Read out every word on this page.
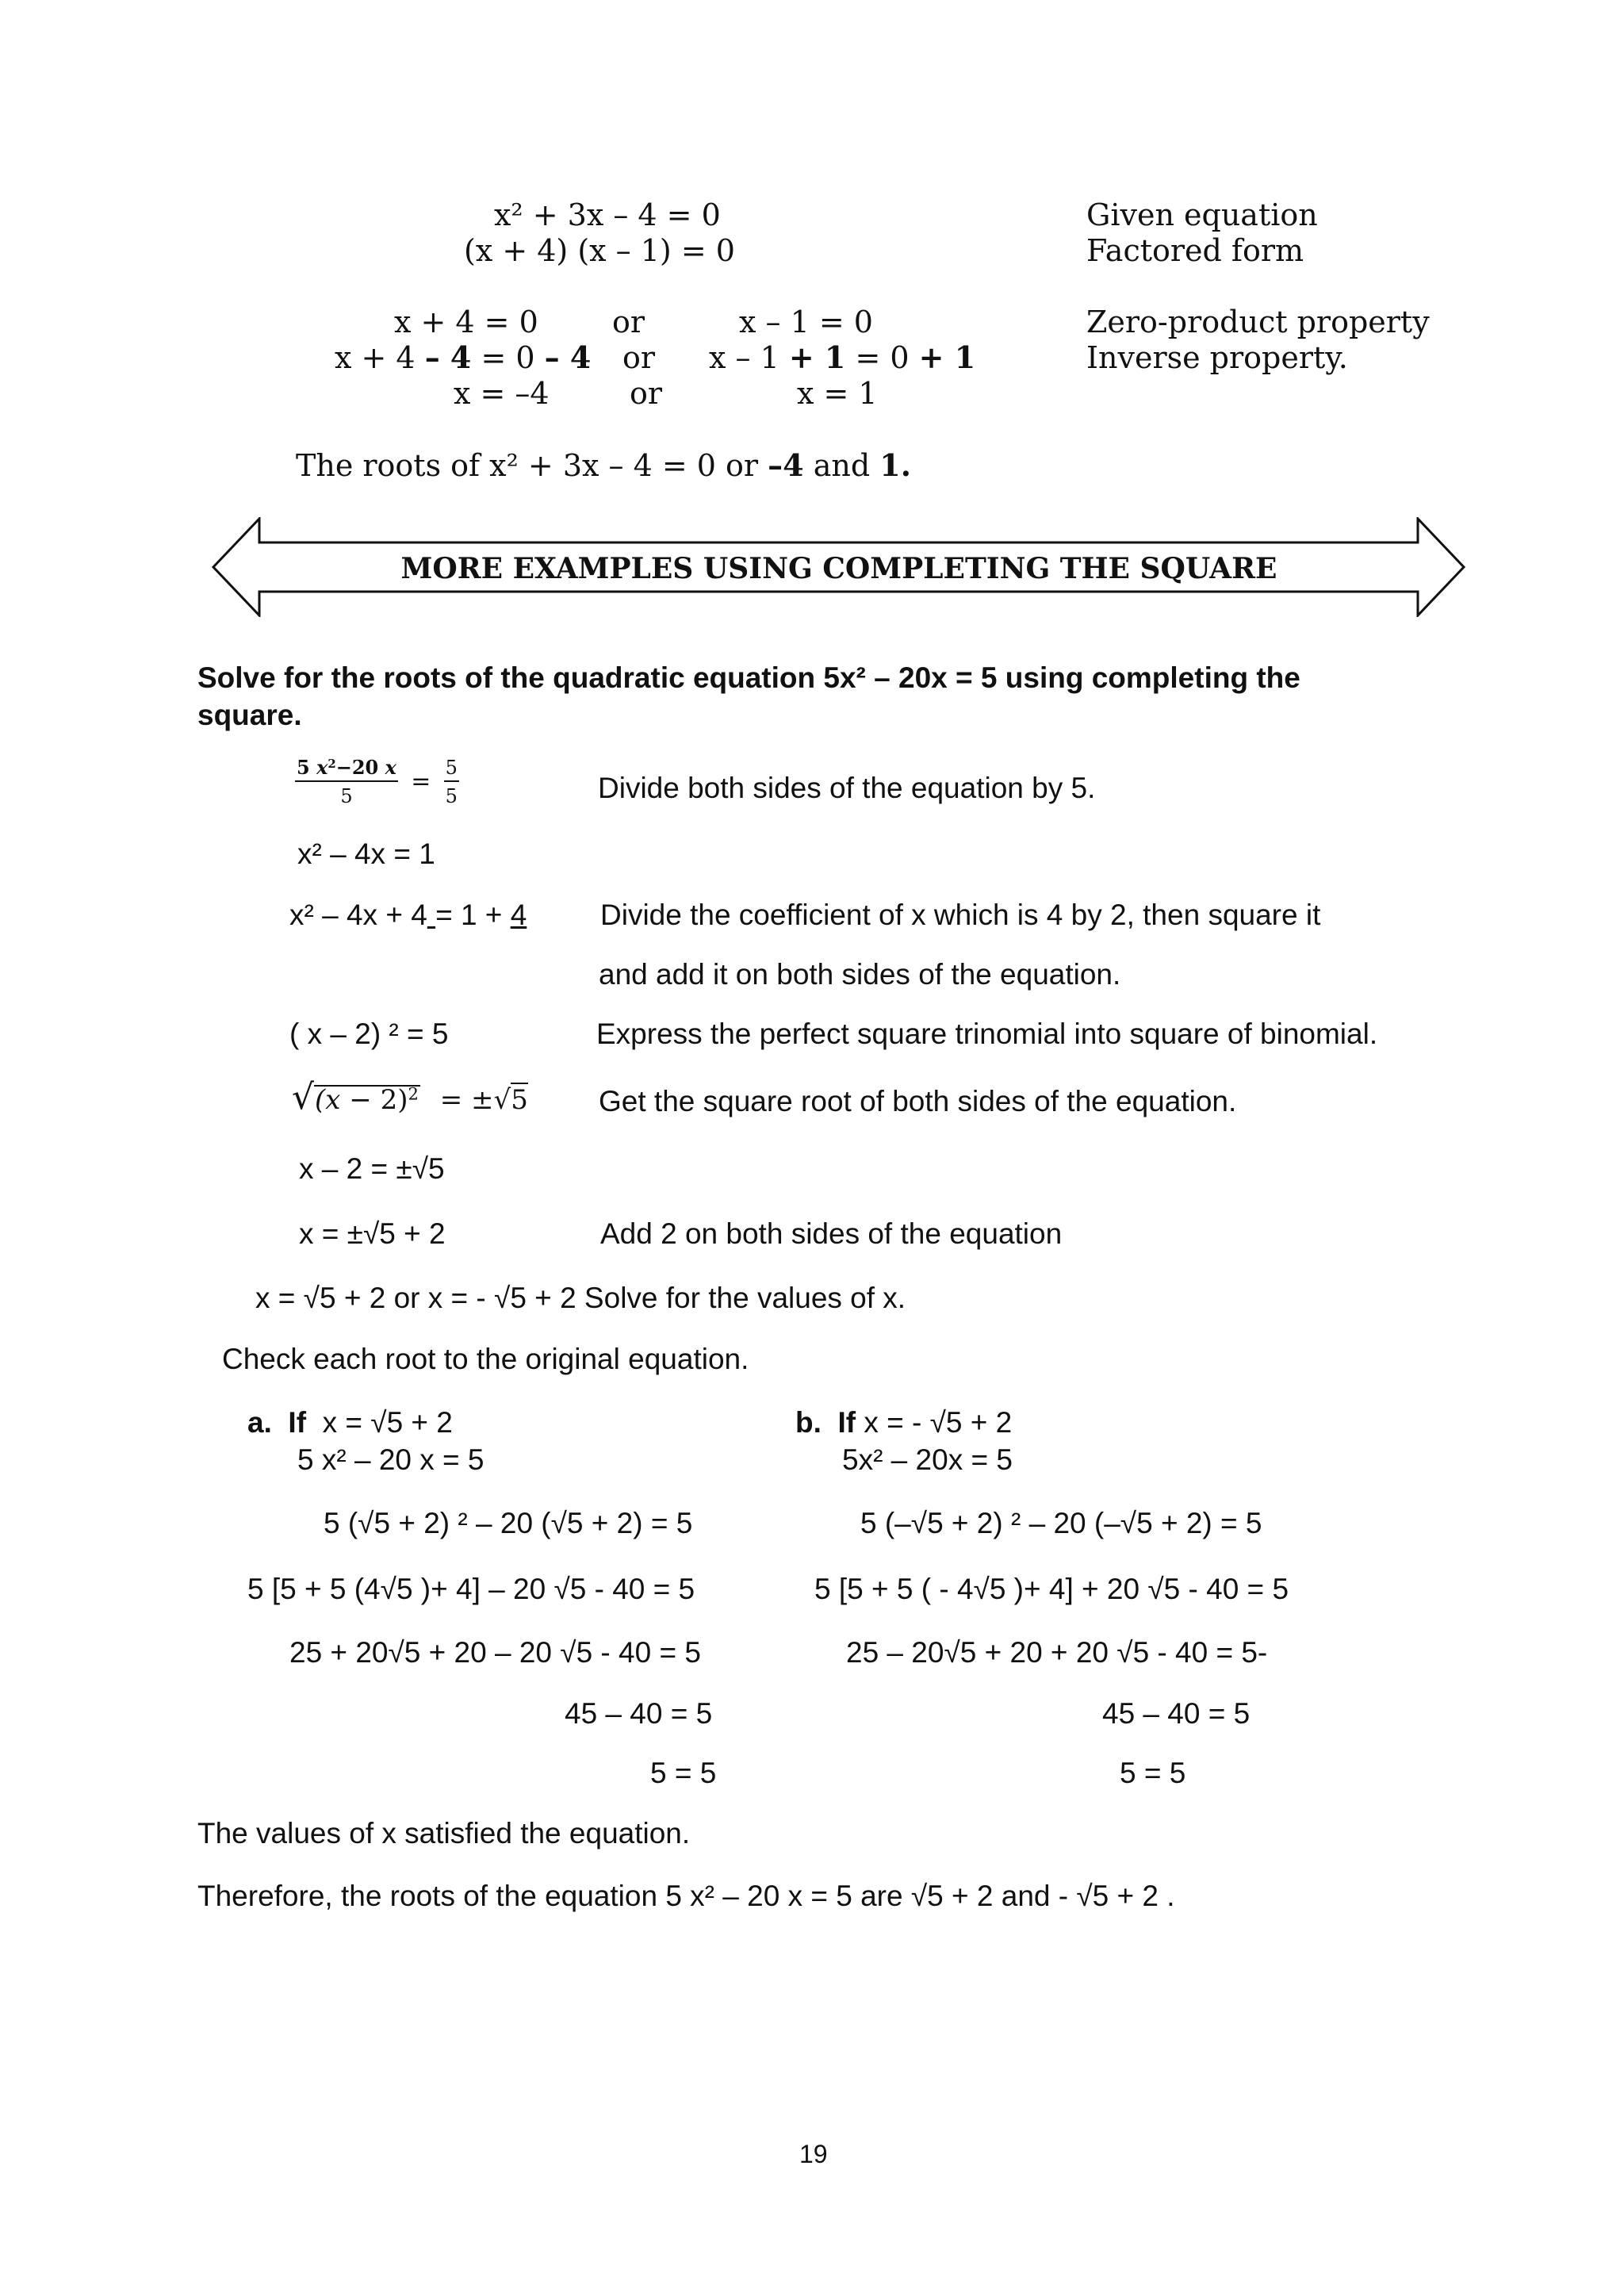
x² + 3x – 4 = 0	Given equation
(x + 4) (x – 1) = 0	Factored form
x + 4 = 0 or	x – 1 = 0	Zero-product property
x + 4 – 4 = 0 – 4 or x – 1 + 1 = 0 + 1	Inverse property.
x = –4	or	x = 1
The roots of x² + 3x – 4 = 0 or –4 and 1.
MORE EXAMPLES USING COMPLETING THE SQUARE
Solve for the roots of the quadratic equation 5x² – 20x = 5 using completing the
square.
$\frac{5 x^2-20 x}{5} = \frac{5}{5}$	Divide both sides of the equation by 5.
x² – 4x = 1
x² – 4x + 4 = 1 + 4	Divide the coefficient of x which is 4 by 2, then square it
and add it on both sides of the equation.
( x – 2) ² = 5	Express the perfect square trinomial into square of binomial.
$√(x - 2)^2 = \pm√5$ Get the square root of both sides of the equation.
x – 2 = ±√5
x = ±√5 + 2	Add 2 on both sides of the equation
x = √5 + 2 or x = - √5 + 2 Solve for the values of x.
Check each root to the original equation.
a. If x = √5 + 2
5 x² – 20 x = 5
5 (√5 + 2) ² – 20 (√5 + 2) = 5
5 [5 + 5 (4√5 )+ 4] – 20 √5 - 40 = 5
25 + 20√5 + 20 – 20 √5 - 40 = 5
45 – 40 = 5
5 = 5
b. If x = - √5 + 2
5x² – 20x = 5
5 (–√5 + 2) ² – 20 (–√5 + 2) = 5
5 [5 + 5 ( - 4√5 )+ 4] + 20 √5 - 40 = 5
25 – 20√5 + 20 + 20 √5 - 40 = 5-
45 – 40 = 5
5 = 5
The values of x satisfied the equation.
Therefore, the roots of the equation 5 x² – 20 x = 5 are √5 + 2 and - √5 + 2 .
19
